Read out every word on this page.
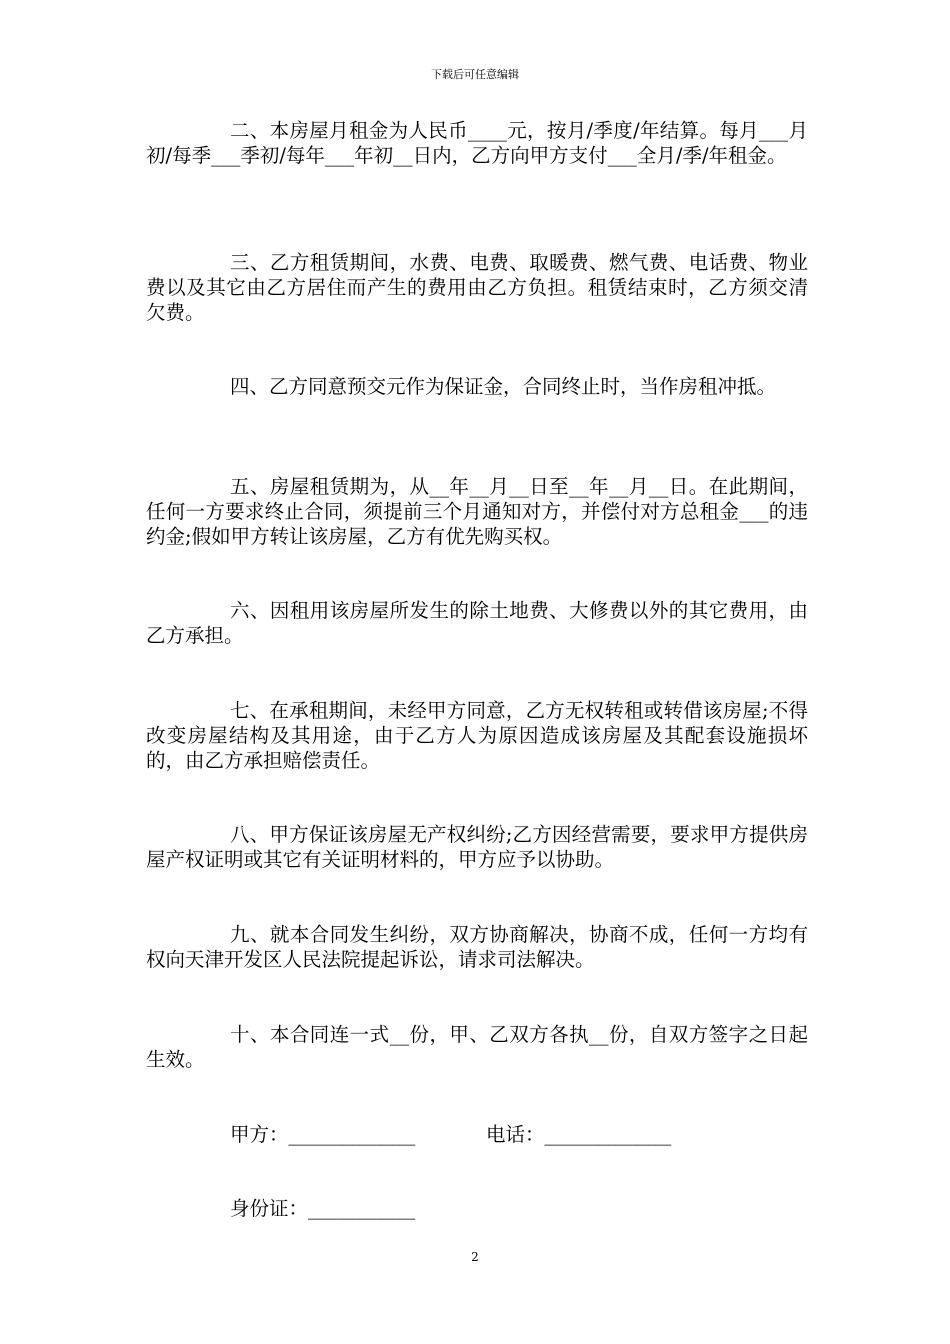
下载后可任意编辑

二、本房屋月租金为人民币____元，按月/季度/年结算。每月___月初/每季___季初/每年___年初__日内，乙方向甲方支付___全月/季/年租金。

三、乙方租赁期间，水费、电费、取暖费、燃气费、电话费、物业费以及其它由乙方居住而产生的费用由乙方负担。租赁结束时，乙方须交清欠费。

四、乙方同意预交元作为保证金，合同终止时，当作房租冲抵。

五、房屋租赁期为，从__年__月__日至__年__月__日。在此期间，任何一方要求终止合同，须提前三个月通知对方，并偿付对方总租金___的违约金;假如甲方转让该房屋，乙方有优先购买权。

六、因租用该房屋所发生的除土地费、大修费以外的其它费用，由乙方承担。

七、在承租期间，未经甲方同意，乙方无权转租或转借该房屋;不得改变房屋结构及其用途，由于乙方人为原因造成该房屋及其配套设施损坏的，由乙方承担赔偿责任。

八、甲方保证该房屋无产权纠纷;乙方因经营需要，要求甲方提供房屋产权证明或其它有关证明材料的，甲方应予以协助。

九、就本合同发生纠纷，双方协商解决，协商不成，任何一方均有权向天津开发区人民法院提起诉讼，请求司法解决。

十、本合同连一式__份，甲、乙双方各执__份，自双方签字之日起生效。

甲方：_____________	电话：_____________
身份证：___________
2
